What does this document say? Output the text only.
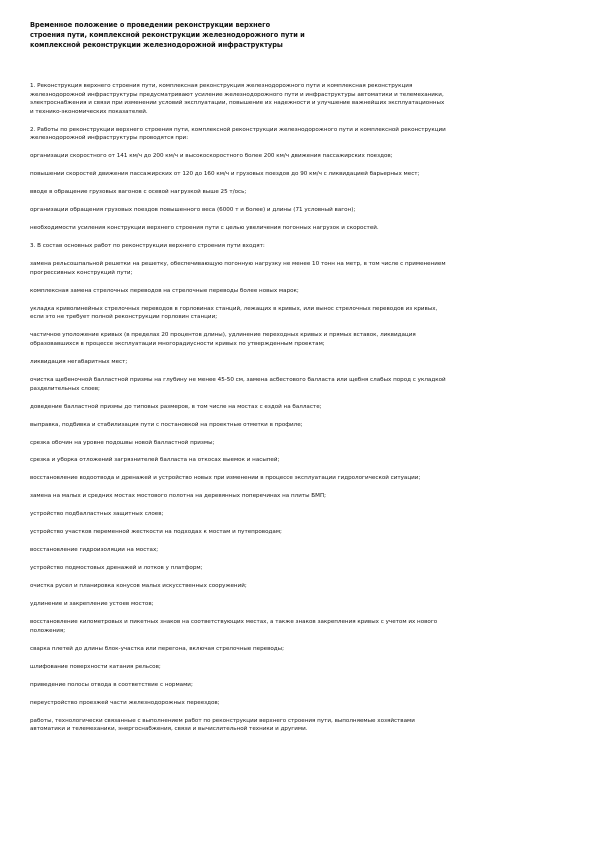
Временное положение о проведении реконструкции верхнего
строения пути, комплексной реконструкции железнодорожного пути и
комплексной реконструкции железнодорожной инфраструктуры
1. Реконструкция верхнего строения пути, комплексная реконструкция железнодорожного пути и комплексная реконструкция
железнодорожной инфраструктуры предусматривают усиление железнодорожного пути и инфраструктуры автоматики и телемеханики,
электроснабжения и связи при изменении условий эксплуатации, повышение их надежности и улучшение важнейших эксплуатационных
и технико-экономических показателей.
2. Работы по реконструкции верхнего строения пути, комплексной реконструкции железнодорожного пути и комплексной реконструкции
железнодорожной инфраструктуры проводятся при:
организации скоростного от 141 км/ч до 200 км/ч и высокоскоростного более 200 км/ч движения пассажирских поездов;
повышении скоростей движения пассажирских от 120 до 160 км/ч и грузовых поездов до 90 км/ч с ликвидацией барьерных мест;
вводе в обращение грузовых вагонов с осевой нагрузкой выше 25 т/ось;
организации обращения грузовых поездов повышенного веса (6000 т и более) и длины (71 условный вагон);
необходимости усиления конструкции верхнего строения пути с целью увеличения погонных нагрузок и скоростей.
3. В состав основных работ по реконструкции верхнего строения пути входят:
замена рельсошпальной решетки на решетку, обеспечивающую погонную нагрузку не менее 10 тонн на метр, в том числе с применением
прогрессивных конструкций пути;
комплексная замена стрелочных переводов на стрелочные переводы более новых марок;
укладка криволинейных стрелочных переводов в горловинах станций, лежащих в кривых, или вынос стрелочных переводов из кривых,
если это не требует полной реконструкции горловин станции;
частичное уположение кривых (в пределах 20 процентов длины), удлинение переходных кривых и прямых вставок, ликвидация
образовавшихся в процессе эксплуатации многорадиусности кривых по утвержденным проектам;
ликвидация негабаритных мест;
очистка щебеночной балластной призмы на глубину не менее 45-50 см, замена асбестового балласта или щебня слабых пород с укладкой
разделительных слоев;
доведение балластной призмы до типовых размеров, в том числе на мостах с ездой на балласте;
выправка, подбивка и стабилизация пути с постановкой на проектные отметки в профиле;
срезка обочин на уровне подошвы новой балластной призмы;
срезка и уборка отложений загрязнителей балласта на откосах выемок и насыпей;
восстановление водоотвода и дренажей и устройство новых при изменении в процессе эксплуатации гидрологической ситуации;
замена на малых и средних мостах мостового полотна на деревянных поперечинах на плиты БМП;
устройство подбалластных защитных слоев;
устройство участков переменной жесткости на подходах к мостам и путепроводам;
восстановление гидроизоляции на мостах;
устройство подмостовых дренажей и лотков у платформ;
очистка русел и планировка конусов малых искусственных сооружений;
удлинение и закрепление устоев мостов;
восстановление километровых и пикетных знаков на соответствующих местах, а также знаков закрепления кривых с учетом их нового
положения;
сварка плетей до длины блок-участка или перегона, включая стрелочные переводы;
шлифование поверхности катания рельсов;
приведение полосы отвода в соответствие с нормами;
переустройство проезжей части железнодорожных переездов;
работы, технологически связанные с выполнением работ по реконструкции верхнего строения пути, выполняемые хозяйствами
автоматики и телемеханики, энергоснабжения, связи и вычислительной техники и другими.
